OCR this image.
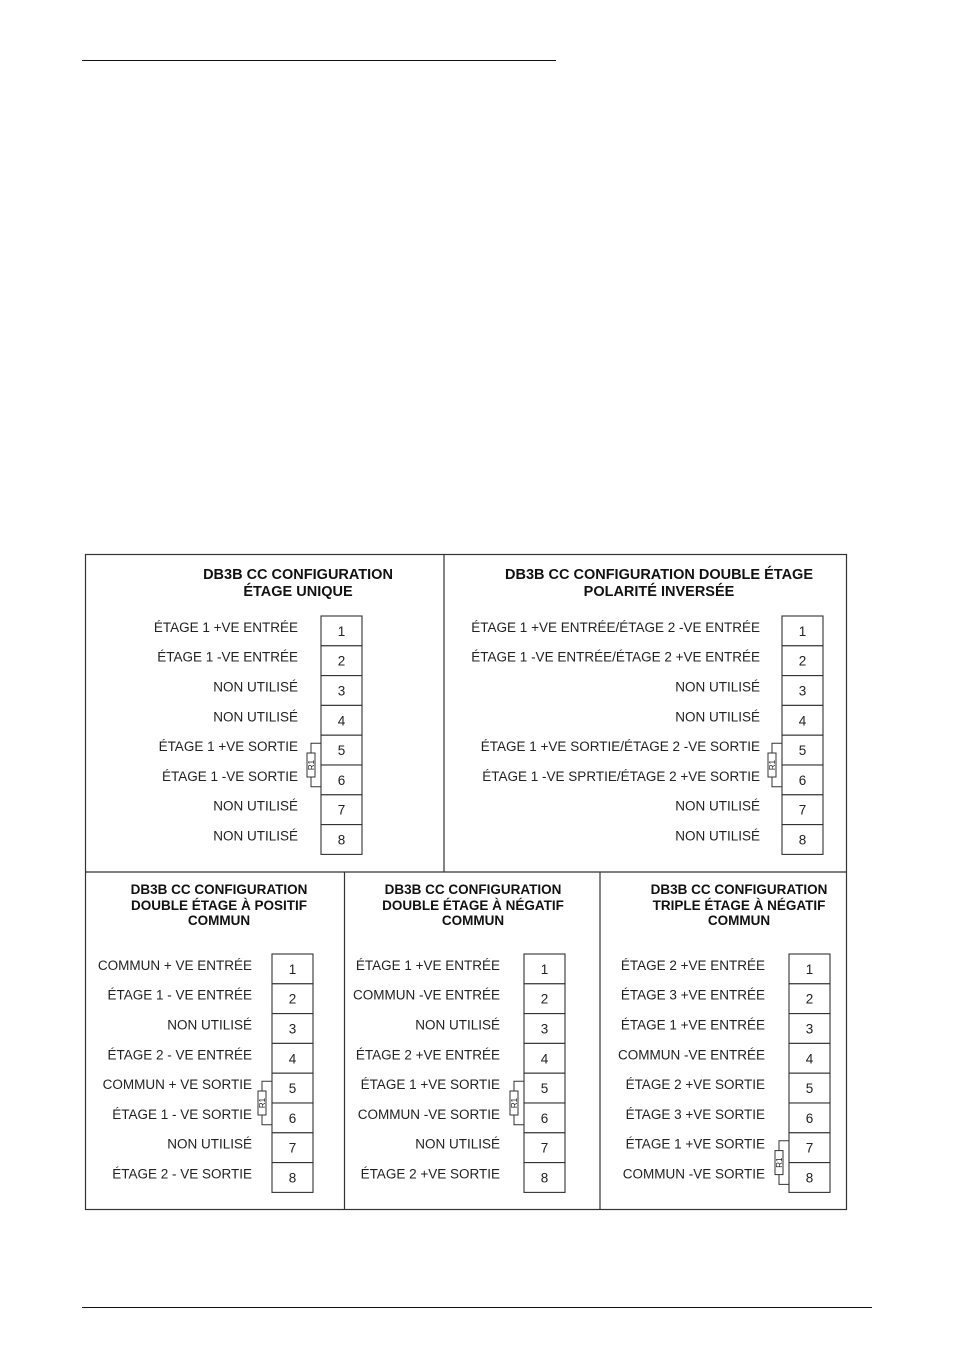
DB3B CC CONFIGURATION
ÉTAGE UNIQUE
1
ÉTAGE 1 +VE ENTRÉE
2
ÉTAGE 1 -VE ENTRÉE
3
NON UTILISÉ
4
NON UTILISÉ
5
ÉTAGE 1 +VE SORTIE
6
ÉTAGE 1 -VE SORTIE
7
NON UTILISÉ
8
NON UTILISÉ
R1
DB3B CC CONFIGURATION DOUBLE ÉTAGE
POLARITÉ INVERSÉE
1
ÉTAGE 1 +VE ENTRÉE/ÉTAGE 2 -VE ENTRÉE
2
ÉTAGE 1 -VE ENTRÉE/ÉTAGE 2 +VE ENTRÉE
3
NON UTILISÉ
4
NON UTILISÉ
5
ÉTAGE 1 +VE SORTIE/ÉTAGE 2 -VE SORTIE
6
ÉTAGE 1 -VE SPRTIE/ÉTAGE 2 +VE SORTIE
7
NON UTILISÉ
8
NON UTILISÉ
R1
DB3B CC CONFIGURATION
DOUBLE ÉTAGE À POSITIF
COMMUN
1
COMMUN + VE ENTRÉE
2
ÉTAGE 1 - VE ENTRÉE
3
NON UTILISÉ
4
ÉTAGE 2 - VE ENTRÉE
5
COMMUN + VE SORTIE
6
ÉTAGE 1 - VE SORTIE
7
NON UTILISÉ
8
ÉTAGE 2 - VE SORTIE
R1
DB3B CC CONFIGURATION
DOUBLE ÉTAGE À NÉGATIF
COMMUN
1
ÉTAGE 1 +VE ENTRÉE
2
COMMUN -VE ENTRÉE
3
NON UTILISÉ
4
ÉTAGE 2 +VE ENTRÉE
5
ÉTAGE 1 +VE SORTIE
6
COMMUN -VE SORTIE
7
NON UTILISÉ
8
ÉTAGE 2 +VE SORTIE
R1
DB3B CC CONFIGURATION
TRIPLE ÉTAGE À NÉGATIF
COMMUN
1
ÉTAGE 2 +VE ENTRÉE
2
ÉTAGE 3 +VE ENTRÉE
3
ÉTAGE 1 +VE ENTRÉE
4
COMMUN -VE ENTRÉE
5
ÉTAGE 2 +VE SORTIE
6
ÉTAGE 3 +VE SORTIE
7
ÉTAGE 1 +VE SORTIE
8
COMMUN -VE SORTIE
R1
